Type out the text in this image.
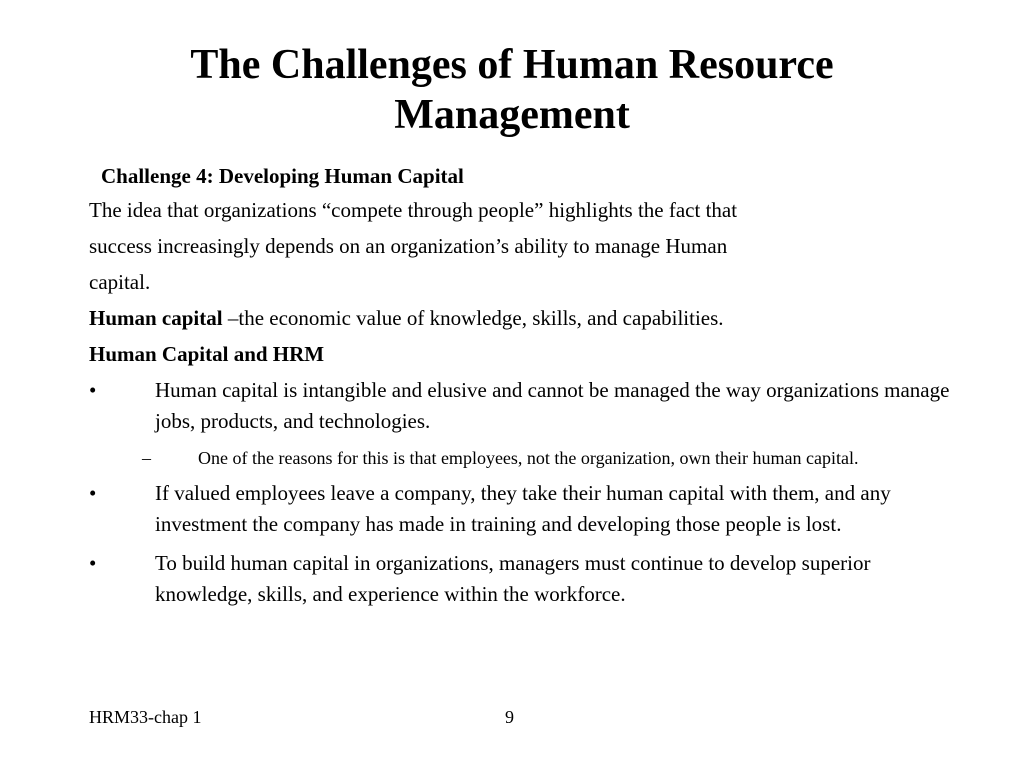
The Challenges of Human Resource
Management

Challenge 4: Developing Human Capital

The idea that organizations “compete through people” highlights the fact that

success increasingly depends on an organization’s ability to manage Human

capital.

Human capital –the economic value of knowledge, skills, and capabilities.

Human Capital and HRM

•	Human capital is intangible and elusive and cannot be managed the way organizations manage jobs, products, and technologies.
–	One of the reasons for this is that employees, not the organization, own their human capital.
•	If valued employees leave a company, they take their human capital with them, and any investment the company has made in training and developing those people is lost.
•	To build human capital in organizations, managers must continue to develop superior knowledge, skills, and experience within the workforce.
HRM33-chap 1	9
